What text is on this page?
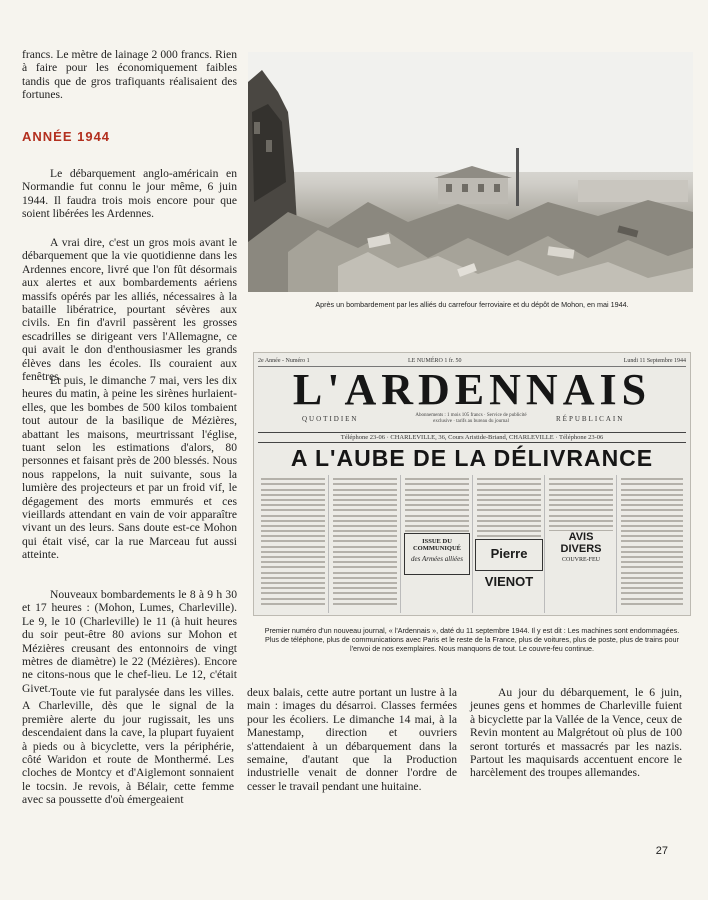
francs. Le mètre de lainage 2 000 francs. Rien à faire pour les économiquement faibles tandis que de gros trafiquants réalisaient des fortunes.

ANNÉE 1944

Le débarquement anglo-américain en Normandie fut connu le jour même, 6 juin 1944. Il faudra trois mois encore pour que soient libérées les Ardennes.

A vrai dire, c'est un gros mois avant le débarquement que la vie quotidienne dans les Ardennes encore, livré que l'on fût désormais aux alertes et aux bombardements aériens massifs opérés par les alliés, nécessaires à la bataille libératrice, pourtant sévères aux civils. En fin d'avril passèrent les grosses escadrilles se dirigeant vers l'Allemagne, ce qui avait le don d'enthousiasmer les grands élèves dans les écoles. Ils couraient aux fenêtres.

Et puis, le dimanche 7 mai, vers les dix heures du matin, à peine les sirènes hurlaient-elles, que les bombes de 500 kilos tombaient tout autour de la basilique de Mézières, abattant les maisons, meurtrissant l'église, tuant selon les estimations d'alors, 80 personnes et faisant près de 200 blessés. Nous nous rappelons, la nuit suivante, sous la lumière des projecteurs et par un froid vif, le dégagement des morts emmurés et ces vieillards attendant en vain de voir apparaître vivant un des leurs. Sans doute est-ce Mohon qui était visé, car la rue Marceau fut aussi atteinte.

Nouveaux bombardements le 8 à 9 h 30 et 17 heures : (Mohon, Lumes, Charleville). Le 9, le 10 (Charleville) le 11 (à huit heures du soir peut-être 80 avions sur Mohon et Mézières creusant des entonnoirs de vingt mètres de diamètre) le 22 (Mézières). Encore ne citons-nous que le chef-lieu. Le 12, c'était Givet.

Après un bombardement par les alliés du carrefour ferroviaire et du dépôt de Mohon, en mai 1944.

2e Année - Numéro 1	LE NUMÉRO 1 fr. 50	Lundi 11 Septembre 1944
L'ARDENNAIS
QUOTIDIEN	Abonnements : 1 mois 105 francs · Service de publicité exclusive · tarifs au bureau du journal	RÉPUBLICAIN
Téléphone 23-06 · CHARLEVILLE, 36, Cours Aristide-Briand, CHARLEVILLE · Téléphone 23-06
A L'AUBE DE LA DÉLIVRANCE
ISSUE DU COMMUNIQUÉ
des Armées alliées	Pierre VIENOT
AVIS DIVERS
COUVRE-FEU

Premier numéro d'un nouveau journal, « l'Ardennais », daté du 11 septembre 1944. Il y est dit : Les machines sont endommagées. Plus de téléphone, plus de communications avec Paris et le reste de la France, plus de voitures, plus de poste, plus de trains pour l'envoi de nos exemplaires. Nous manquons de tout. Le couvre-feu continue.

Toute vie fut paralysée dans les villes. A Charleville, dès que le signal de la première alerte du jour rugissait, les uns descendaient dans la cave, la plupart fuyaient à pieds ou à bicyclette, vers la périphérie, côté Waridon et route de Monthermé. Les cloches de Montcy et d'Aiglemont sonnaient le tocsin. Je revois, à Bélair, cette femme avec sa poussette d'où émergeaient

deux balais, cette autre portant un lustre à la main : images du désarroi. Classes fermées pour les écoliers. Le dimanche 14 mai, à la Manestamp, direction et ouvriers s'attendaient à un débarquement dans la semaine, d'autant que la Production industrielle venait de donner l'ordre de cesser le travail pendant une huitaine.

Au jour du débarquement, le 6 juin, jeunes gens et hommes de Charleville fuient à bicyclette par la Vallée de la Vence, ceux de Revin montent au Malgrétout où plus de 100 seront torturés et massacrés par les nazis. Partout les maquisards accentuent encore le harcèlement des troupes allemandes.

27
